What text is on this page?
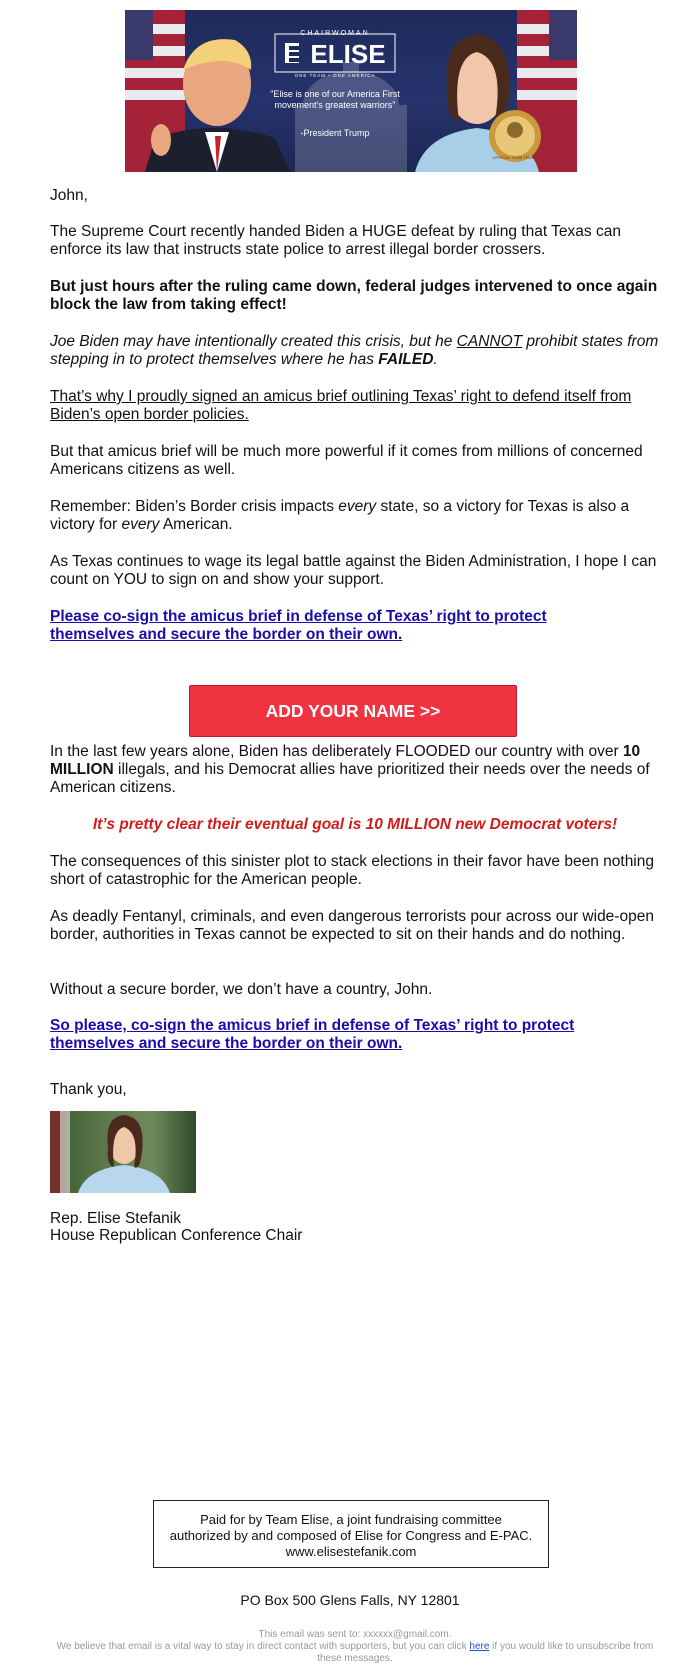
CHAIRWOMAN
ELISE
ONE TEAM • ONE AMERICA
"Elise is one of our America First movement's greatest warriors"
-President Trump
OFFICIAL TEAM TRUMP

John,

The Supreme Court recently handed Biden a HUGE defeat by ruling that Texas can enforce its law that instructs state police to arrest illegal border crossers.

But just hours after the ruling came down, federal judges intervened to once again block the law from taking effect!

Joe Biden may have intentionally created this crisis, but he CANNOT prohibit states from stepping in to protect themselves where he has FAILED.

That’s why I proudly signed an amicus brief outlining Texas’ right to defend itself from Biden’s open border policies.

But that amicus brief will be much more powerful if it comes from millions of concerned Americans citizens as well.

Remember: Biden’s Border crisis impacts every state, so a victory for Texas is also a victory for every American.

As Texas continues to wage its legal battle against the Biden Administration, I hope I can count on YOU to sign on and show your support.

Please co-sign the amicus brief in defense of Texas’ right to protect themselves and secure the border on their own.

In the last few years alone, Biden has deliberately FLOODED our country with over 10 MILLION illegals, and his Democrat allies have prioritized their needs over the needs of American citizens.

It’s pretty clear their eventual goal is 10 MILLION new Democrat voters!

The consequences of this sinister plot to stack elections in their favor have been nothing short of catastrophic for the American people.

As deadly Fentanyl, criminals, and even dangerous terrorists pour across our wide-open border, authorities in Texas cannot be expected to sit on their hands and do nothing.

Without a secure border, we don’t have a country, John.

So please, co-sign the amicus brief in defense of Texas’ right to protect themselves and secure the border on their own.

Thank you,

Rep. Elise Stefanik

House Republican Conference Chair

ADD YOUR NAME >>
Paid for by Team Elise, a joint fundraising committee authorized by and composed of Elise for Congress and E-PAC. www.elisestefanik.com
PO Box 500 Glens Falls, NY 12801
This email was sent to: xxxxxx@gmail.com.
We believe that email is a vital way to stay in direct contact with supporters, but you can click here if you would like to unsubscribe from these messages.
